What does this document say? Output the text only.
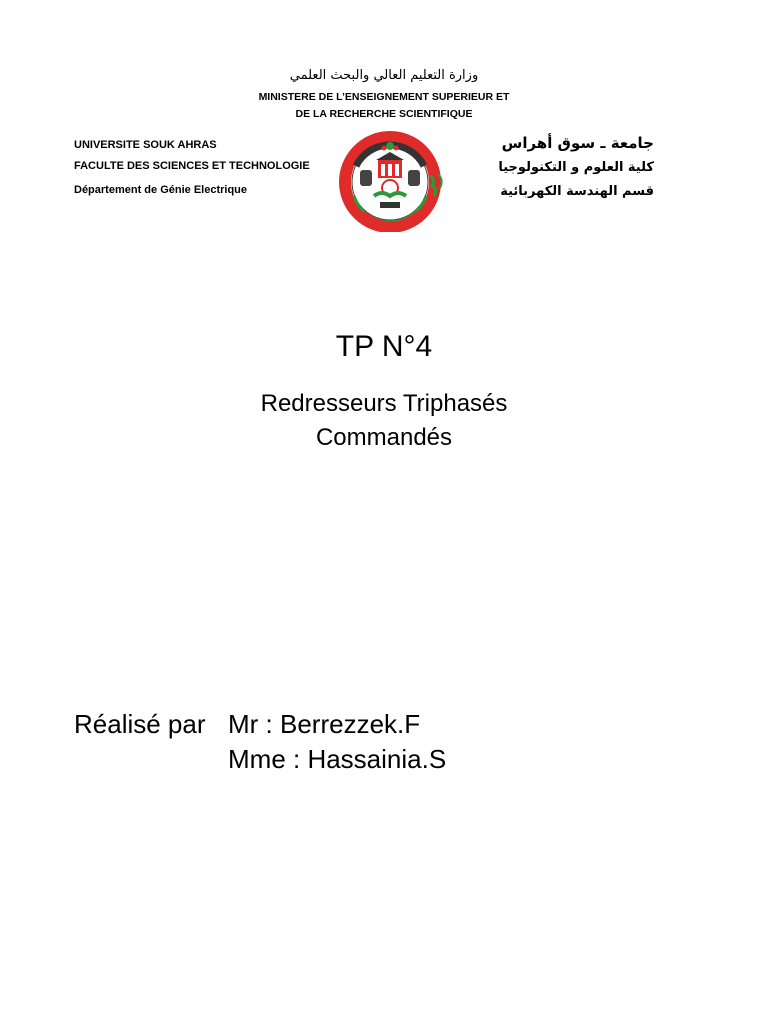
وزارة التعليم العالي والبحث العلمي
MINISTERE DE L’ENSEIGNEMENT SUPERIEUR ET
DE LA RECHERCHE SCIENTIFIQUE
UNIVERSITE SOUK AHRAS
FACULTE DES SCIENCES ET TECHNOLOGIE
Département de Génie Electrique
جامعة ـ سوق أهراس
كلية العلوم و التكنولوجيا
قسم الهندسة الكهربائية
TP N°4
Redresseurs Triphasés
Commandés
Réalisé par Mr : Berrezzek.F
Mme : Hassainia.S
